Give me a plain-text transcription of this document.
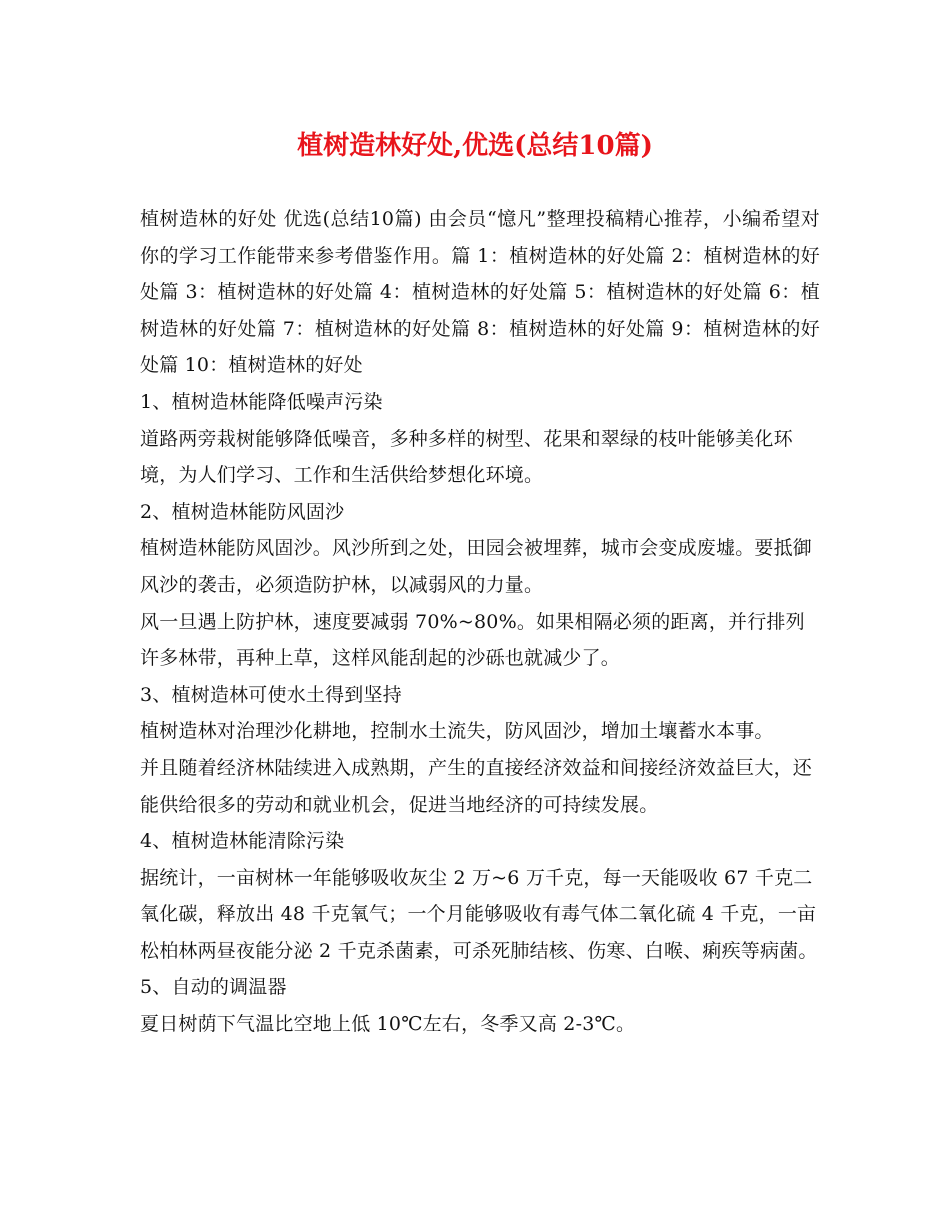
植树造林好处,优选(总结10篇)

植树造林的好处 优选(总结10篇) 由会员“憶凡”整理投稿精心推荐，小编希望对你的学习工作能带来参考借鉴作用。篇 1：植树造林的好处篇 2：植树造林的好处篇 3：植树造林的好处篇 4：植树造林的好处篇 5：植树造林的好处篇 6：植树造林的好处篇 7：植树造林的好处篇 8：植树造林的好处篇 9：植树造林的好处篇 10：植树造林的好处

1、植树造林能降低噪声污染

道路两旁栽树能够降低噪音，多种多样的树型、花果和翠绿的枝叶能够美化环境，为人们学习、工作和生活供给梦想化环境。

2、植树造林能防风固沙

植树造林能防风固沙。风沙所到之处，田园会被埋葬，城市会变成废墟。要抵御风沙的袭击，必须造防护林，以减弱风的力量。

风一旦遇上防护林，速度要减弱 70%~80%。如果相隔必须的距离，并行排列许多林带，再种上草，这样风能刮起的沙砾也就减少了。

3、植树造林可使水土得到坚持

植树造林对治理沙化耕地，控制水土流失，防风固沙，增加土壤蓄水本事。

并且随着经济林陆续进入成熟期，产生的直接经济效益和间接经济效益巨大，还能供给很多的劳动和就业机会，促进当地经济的可持续发展。

4、植树造林能清除污染

据统计，一亩树林一年能够吸收灰尘 2 万~6 万千克，每一天能吸收 67 千克二氧化碳，释放出 48 千克氧气；一个月能够吸收有毒气体二氧化硫 4 千克，一亩松柏林两昼夜能分泌 2 千克杀菌素，可杀死肺结核、伤寒、白喉、痢疾等病菌。

5、自动的调温器

夏日树荫下气温比空地上低 10℃左右，冬季又高 2-3℃。
